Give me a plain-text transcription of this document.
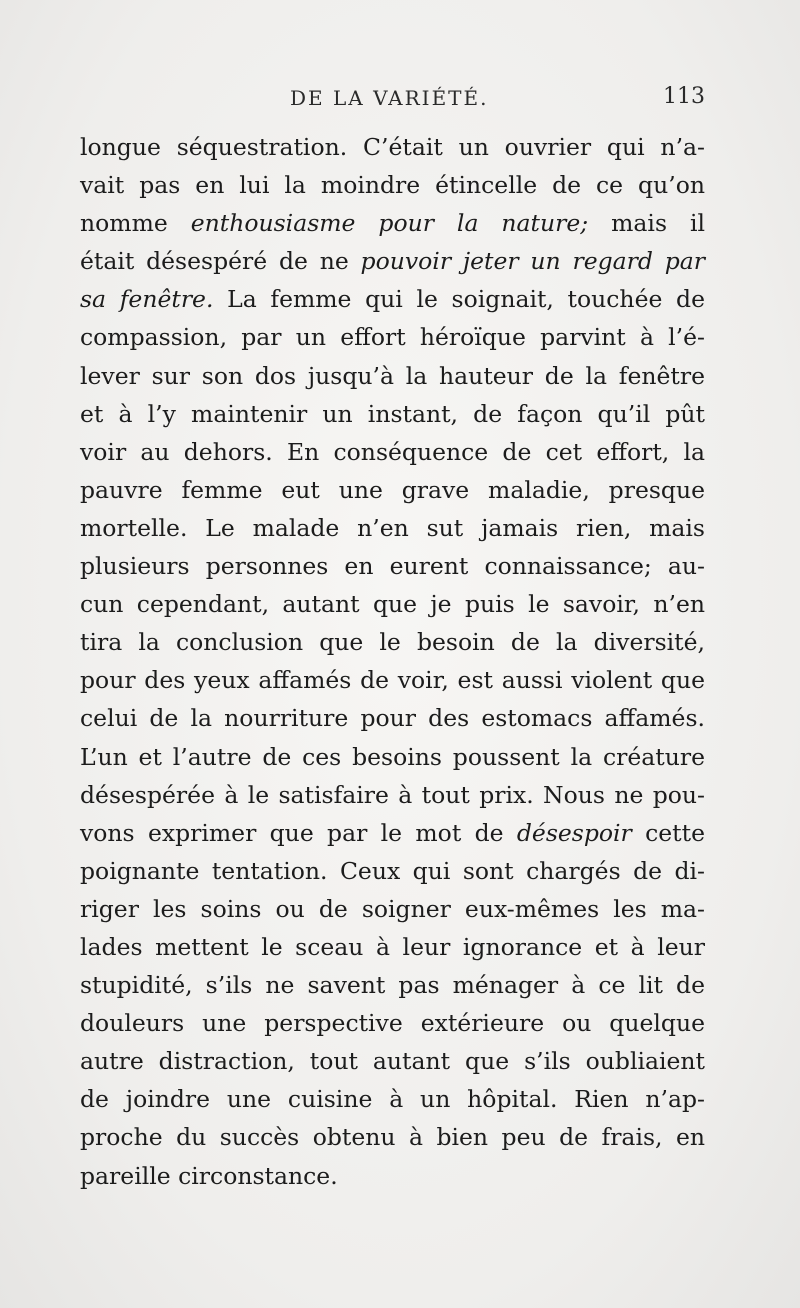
DE LA VARIÉTÉ.	113
longue séquestration. C’était un ouvrier qui n’a-
vait pas en lui la moindre étincelle de ce qu’on
nomme enthousiasme pour la nature; mais il
était désespéré de ne pouvoir jeter un regard par
sa fenêtre. La femme qui le soignait, touchée de
compassion, par un effort héroïque parvint à l’é-
lever sur son dos jusqu’à la hauteur de la fenêtre
et à l’y maintenir un instant, de façon qu’il pût
voir au dehors. En conséquence de cet effort, la
pauvre femme eut une grave maladie, presque
mortelle. Le malade n’en sut jamais rien, mais
plusieurs personnes en eurent connaissance; au-
cun cependant, autant que je puis le savoir, n’en
tira la conclusion que le besoin de la diversité,
pour des yeux affamés de voir, est aussi violent que
celui de la nourriture pour des estomacs affamés.
L’un et l’autre de ces besoins poussent la créature
désespérée à le satisfaire à tout prix. Nous ne pou-
vons exprimer que par le mot de désespoir cette
poignante tentation. Ceux qui sont chargés de di-
riger les soins ou de soigner eux-mêmes les ma-
lades mettent le sceau à leur ignorance et à leur
stupidité, s’ils ne savent pas ménager à ce lit de
douleurs une perspective extérieure ou quelque
autre distraction, tout autant que s’ils oubliaient
de joindre une cuisine à un hôpital. Rien n’ap-
proche du succès obtenu à bien peu de frais, en
pareille circonstance.
